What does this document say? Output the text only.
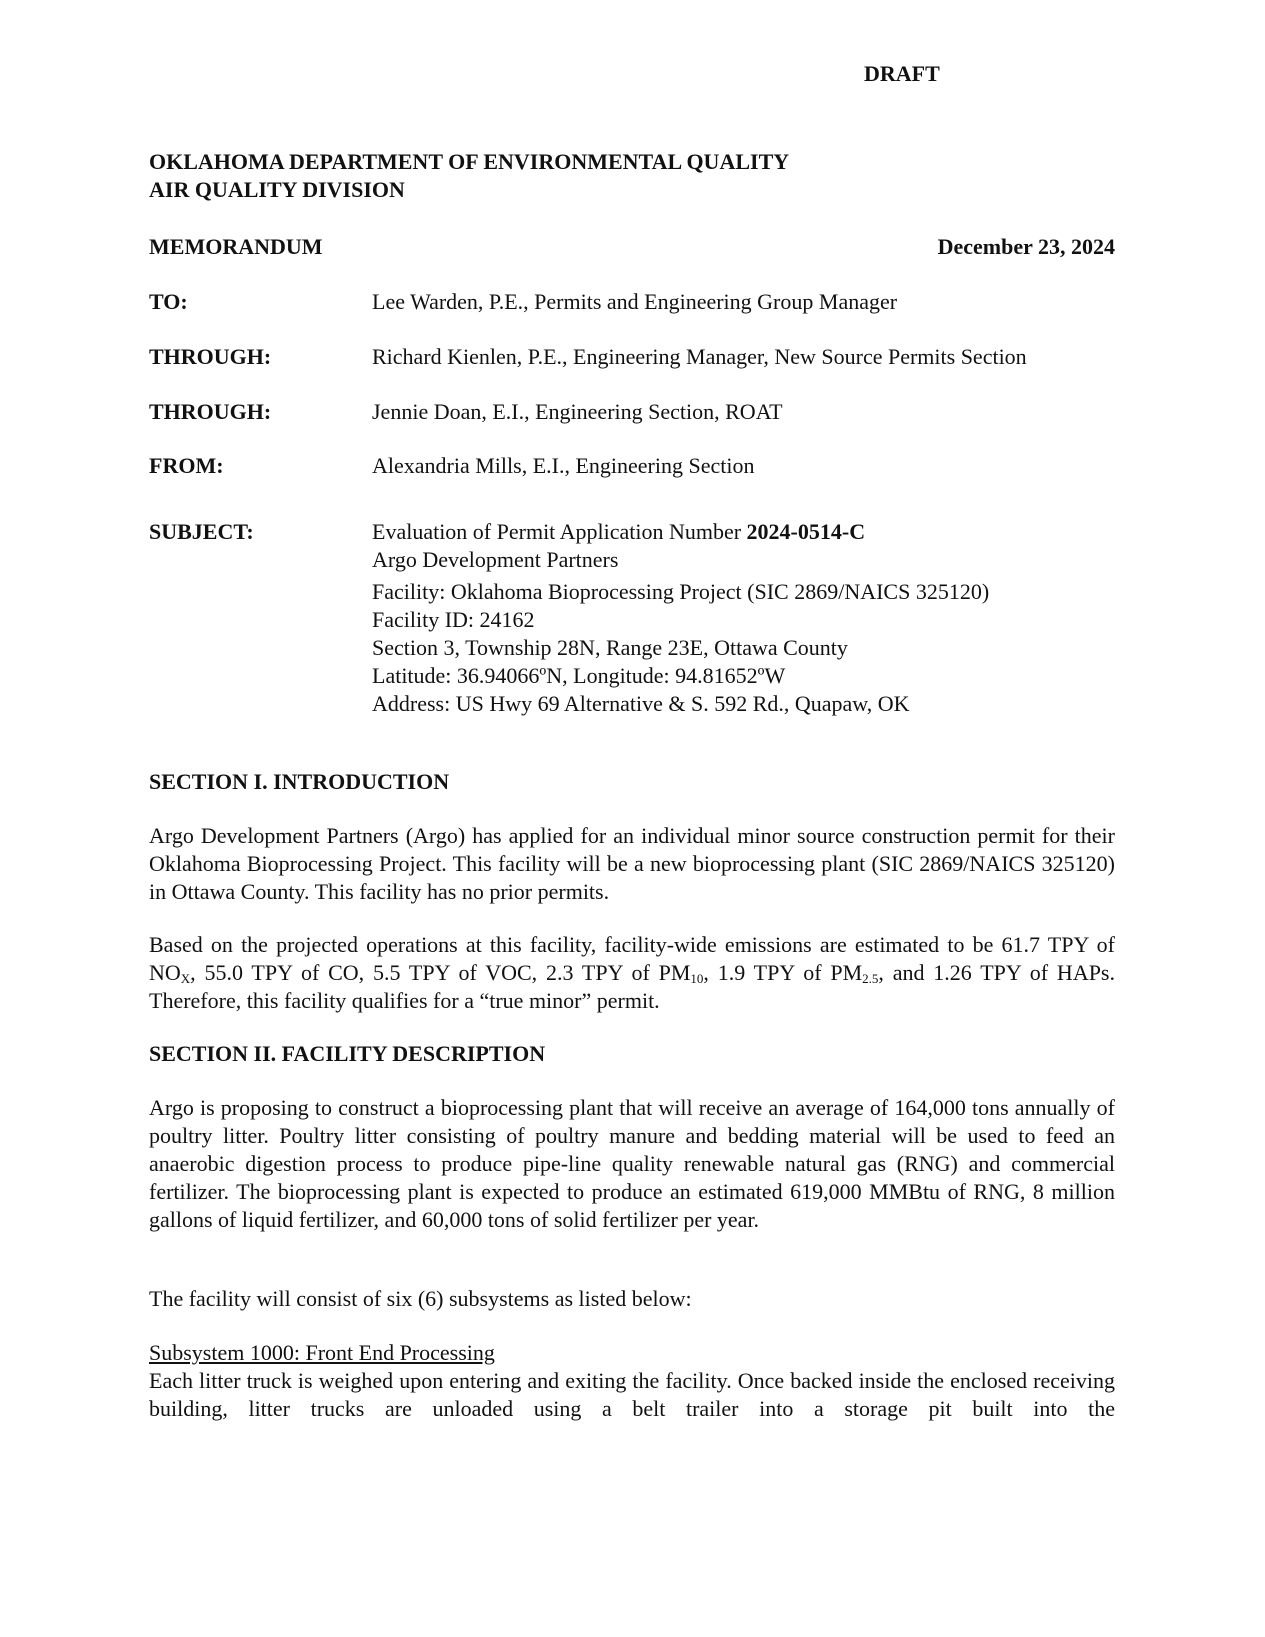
DRAFT
OKLAHOMA DEPARTMENT OF ENVIRONMENTAL QUALITY
AIR QUALITY DIVISION
MEMORANDUM	December 23, 2024
TO:	Lee Warden, P.E., Permits and Engineering Group Manager
THROUGH:	Richard Kienlen, P.E., Engineering Manager, New Source Permits Section
THROUGH:	Jennie Doan, E.I., Engineering Section, ROAT
FROM:	Alexandria Mills, E.I., Engineering Section
SUBJECT:	Evaluation of Permit Application Number 2024-0514-C
Argo Development Partners
Facility: Oklahoma Bioprocessing Project (SIC 2869/NAICS 325120)
Facility ID: 24162
Section 3, Township 28N, Range 23E, Ottawa County
Latitude: 36.94066ºN, Longitude: 94.81652ºW
Address: US Hwy 69 Alternative & S. 592 Rd., Quapaw, OK
SECTION I. INTRODUCTION
Argo Development Partners (Argo) has applied for an individual minor source construction permit for their Oklahoma Bioprocessing Project. This facility will be a new bioprocessing plant (SIC 2869/NAICS 325120) in Ottawa County. This facility has no prior permits.
Based on the projected operations at this facility, facility-wide emissions are estimated to be 61.7 TPY of $NO_X$, 55.0 TPY of CO, 5.5 TPY of VOC, 2.3 TPY of $PM_{10}$, 1.9 TPY of $PM_{2.5}$, and 1.26 TPY of HAPs. Therefore, this facility qualifies for a “true minor” permit.
SECTION II. FACILITY DESCRIPTION
Argo is proposing to construct a bioprocessing plant that will receive an average of 164,000 tons annually of poultry litter. Poultry litter consisting of poultry manure and bedding material will be used to feed an anaerobic digestion process to produce pipe-line quality renewable natural gas (RNG) and commercial fertilizer. The bioprocessing plant is expected to produce an estimated 619,000 MMBtu of RNG, 8 million gallons of liquid fertilizer, and 60,000 tons of solid fertilizer per year.
The facility will consist of six (6) subsystems as listed below:
Subsystem 1000: Front End Processing
Each litter truck is weighed upon entering and exiting the facility. Once backed inside the enclosed receiving building, litter trucks are unloaded using a belt trailer into a storage pit built into the
